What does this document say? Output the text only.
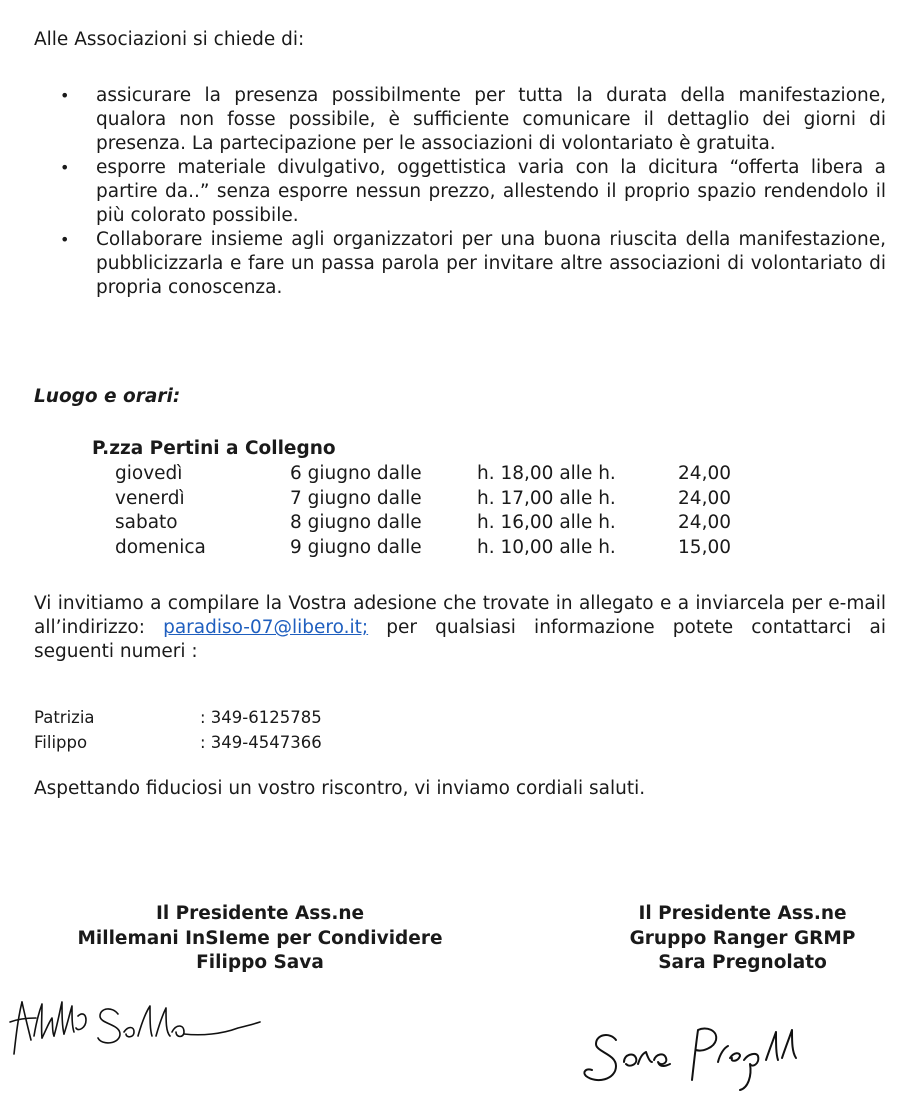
Alle Associazioni si chiede di:

• assicurare la presenza possibilmente per tutta la durata della manifestazione, qualora non fosse possibile, è sufficiente comunicare il dettaglio dei giorni di presenza. La partecipazione per le associazioni di volontariato è gratuita.
• esporre materiale divulgativo, oggettistica varia con la dicitura “offerta libera a partire da..” senza esporre nessun prezzo, allestendo il proprio spazio rendendolo il più colorato possibile.
• Collaborare insieme agli organizzatori per una buona riuscita della manifestazione, pubblicizzarla e fare un passa parola per invitare altre associazioni di volontariato di propria conoscenza.
Luogo e orari:
P.zza Pertini a Collegno
giovedì	6 giugno dalle	h. 18,00 alle h.	24,00
venerdì	7 giugno dalle	h. 17,00 alle h.	24,00
sabato	8 giugno dalle	h. 16,00 alle h.	24,00
domenica	9 giugno dalle	h. 10,00 alle h.	15,00

Vi invitiamo a compilare la Vostra adesione che trovate in allegato e a inviarcela per e-mail all’indirizzo: paradiso-07@libero.it; per qualsiasi informazione potete contattarci ai seguenti numeri :

Patrizia	: 349-6125785
Filippo	: 349-4547366

Aspettando fiduciosi un vostro riscontro, vi inviamo cordiali saluti.

Il Presidente Ass.ne
Millemani InSIeme per Condividere
Filippo Sava
Il Presidente Ass.ne
Gruppo Ranger GRMP
Sara Pregnolato
